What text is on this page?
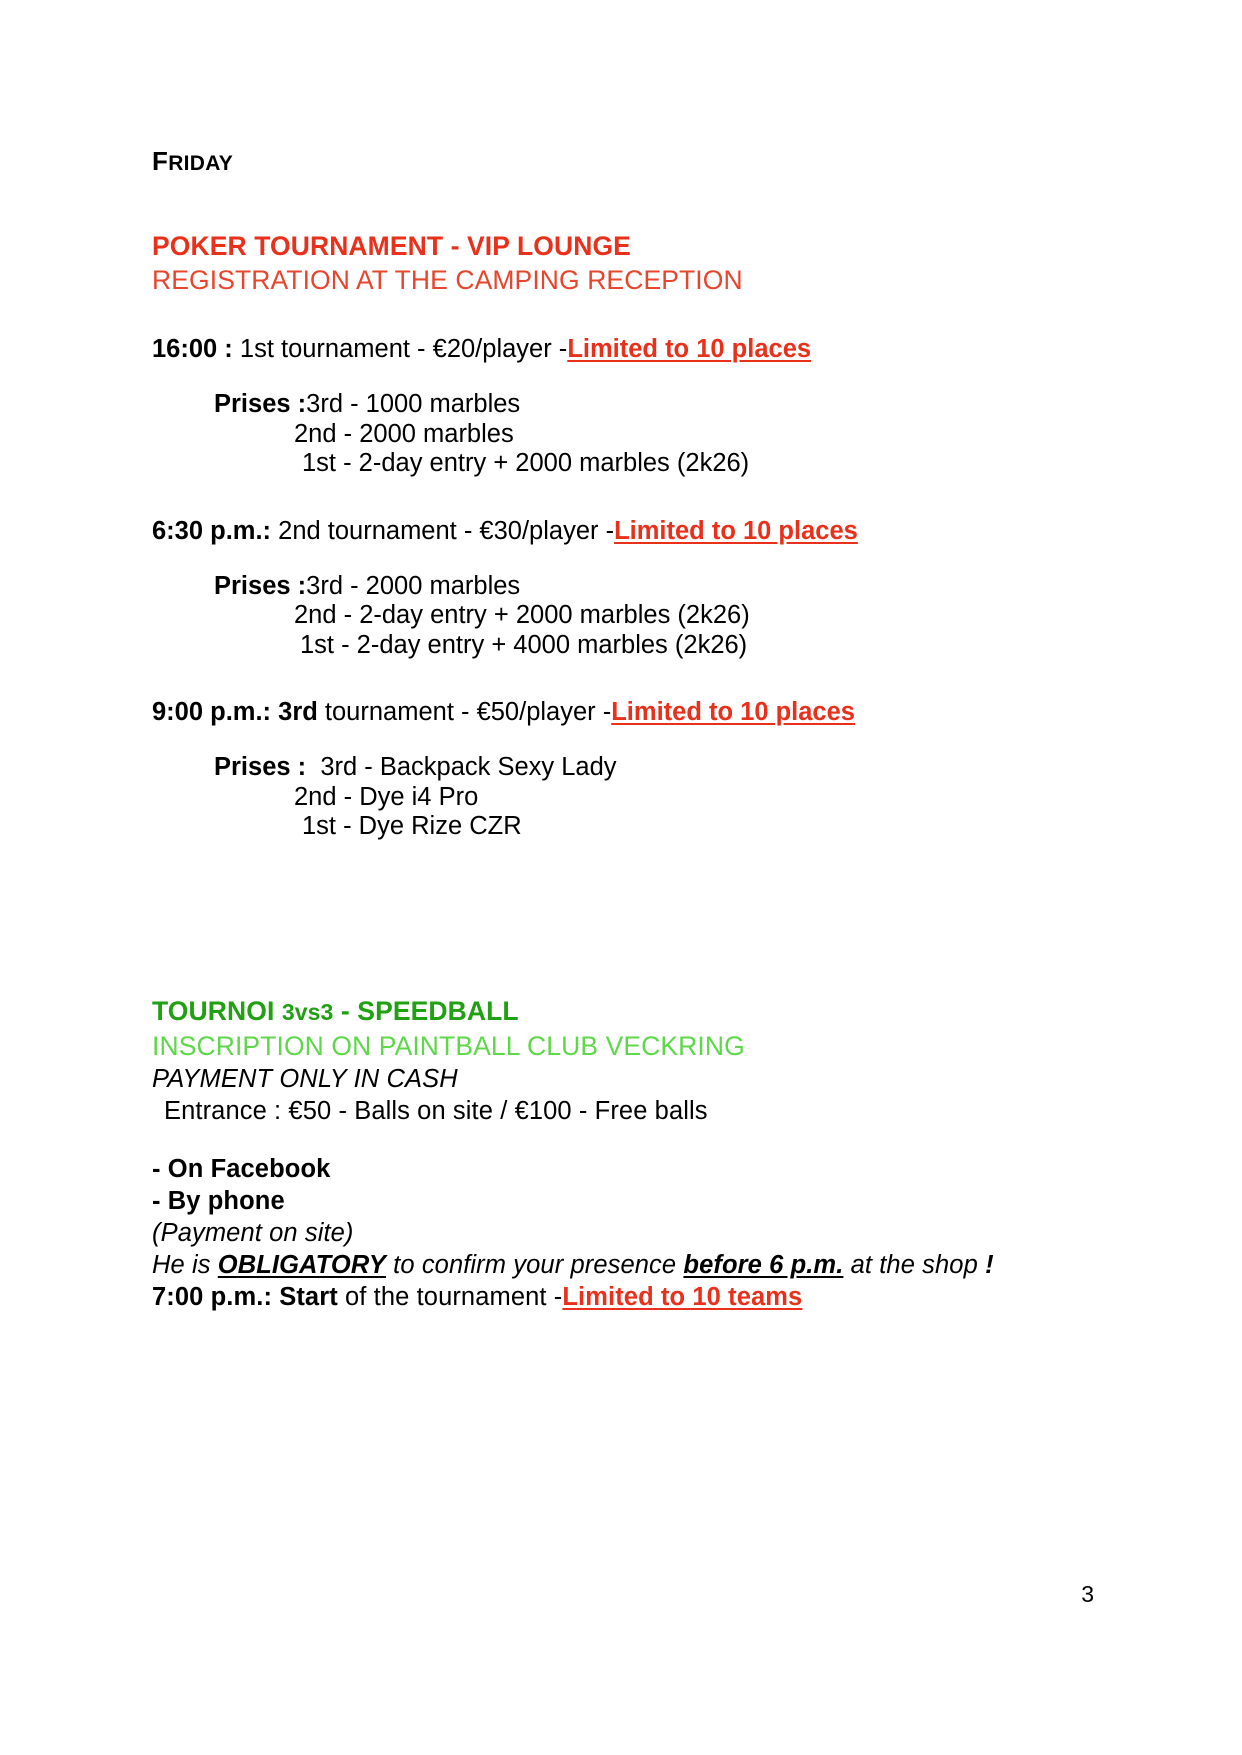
FRIDAY
POKER TOURNAMENT - VIP LOUNGE
REGISTRATION AT THE CAMPING RECEPTION
16:00 : 1st tournament - €20/player -Limited to 10 places
Prises :3rd - 1000 marbles
2nd - 2000 marbles
1st - 2-day entry + 2000 marbles (2k26)
6:30 p.m.: 2nd tournament - €30/player -Limited to 10 places
Prises :3rd - 2000 marbles
2nd - 2-day entry + 2000 marbles (2k26)
1st - 2-day entry + 4000 marbles (2k26)
9:00 p.m.: 3rd tournament - €50/player -Limited to 10 places
Prises :  3rd - Backpack Sexy Lady
2nd - Dye i4 Pro
1st - Dye Rize CZR
TOURNOI 3vs3 - SPEEDBALL
INSCRIPTION ON PAINTBALL CLUB VECKRING
PAYMENT ONLY IN CASH
Entrance : €50 - Balls on site / €100 - Free balls
- On Facebook
- By phone
(Payment on site)
He is OBLIGATORY to confirm your presence before 6 p.m. at the shop !
7:00 p.m.: Start of the tournament -Limited to 10 teams
3
